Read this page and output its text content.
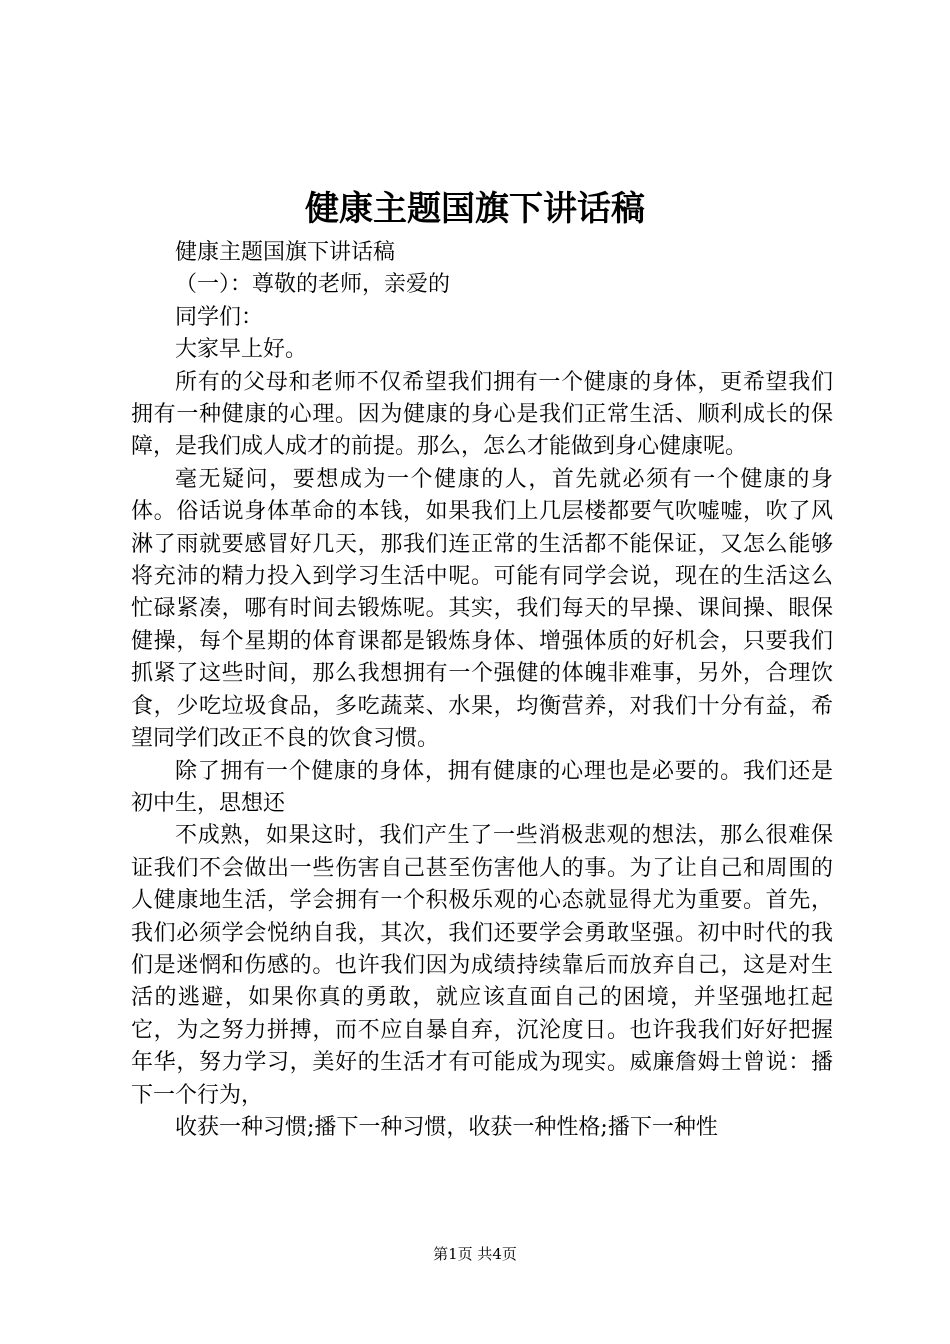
健康主题国旗下讲话稿

健康主题国旗下讲话稿

（一）：尊敬的老师，亲爱的

同学们：

大家早上好。

所有的父母和老师不仅希望我们拥有一个健康的身体，更希望我们拥有一种健康的心理。因为健康的身心是我们正常生活、顺利成长的保障，是我们成人成才的前提。那么，怎么才能做到身心健康呢。

毫无疑问，要想成为一个健康的人，首先就必须有一个健康的身体。俗话说身体革命的本钱，如果我们上几层楼都要气吹嘘嘘，吹了风淋了雨就要感冒好几天，那我们连正常的生活都不能保证，又怎么能够将充沛的精力投入到学习生活中呢。可能有同学会说，现在的生活这么忙碌紧凑，哪有时间去锻炼呢。其实，我们每天的早操、课间操、眼保健操，每个星期的体育课都是锻炼身体、增强体质的好机会，只要我们抓紧了这些时间，那么我想拥有一个强健的体魄非难事，另外，合理饮食，少吃垃圾食品，多吃蔬菜、水果，均衡营养，对我们十分有益，希望同学们改正不良的饮食习惯。

除了拥有一个健康的身体，拥有健康的心理也是必要的。我们还是初中生，思想还

不成熟，如果这时，我们产生了一些消极悲观的想法，那么很难保证我们不会做出一些伤害自己甚至伤害他人的事。为了让自己和周围的人健康地生活，学会拥有一个积极乐观的心态就显得尤为重要。首先，我们必须学会悦纳自我，其次，我们还要学会勇敢坚强。初中时代的我们是迷惘和伤感的。也许我们因为成绩持续靠后而放弃自己，这是对生活的逃避，如果你真的勇敢，就应该直面自己的困境，并坚强地扛起它，为之努力拼搏，而不应自暴自弃，沉沦度日。也许我我们好好把握年华，努力学习，美好的生活才有可能成为现实。威廉詹姆士曾说：播下一个行为，

收获一种习惯;播下一种习惯，收获一种性格;播下一种性

第1页 共4页
